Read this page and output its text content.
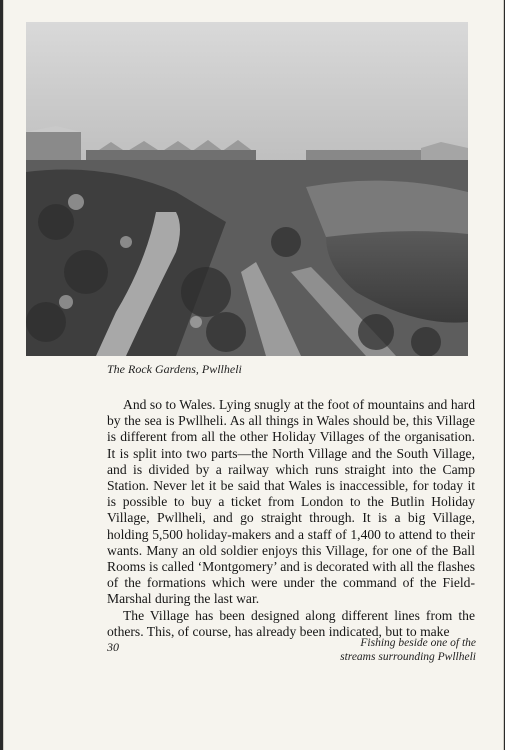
The Rock Gardens, Pwllheli

And so to Wales. Lying snugly at the foot of mountains and hard by the sea is Pwllheli. As all things in Wales should be, this Village is different from all the other Holiday Villages of the organisation. It is split into two parts—the North Village and the South Village, and is divided by a railway which runs straight into the Camp Station. Never let it be said that Wales is inaccessible, for today it is possible to buy a ticket from London to the Butlin Holiday Village, Pwllheli, and go straight through. It is a big Village, holding 5,500 holiday-makers and a staff of 1,400 to attend to their wants. Many an old soldier enjoys this Village, for one of the Ball Rooms is called ‘Montgomery’ and is decorated with all the flashes of the formations which were under the command of the Field-Marshal during the last war.

The Village has been designed along different lines from the others. This, of course, has already been indicated, but to make

30	Fishing beside one of the
streams surrounding Pwllheli
